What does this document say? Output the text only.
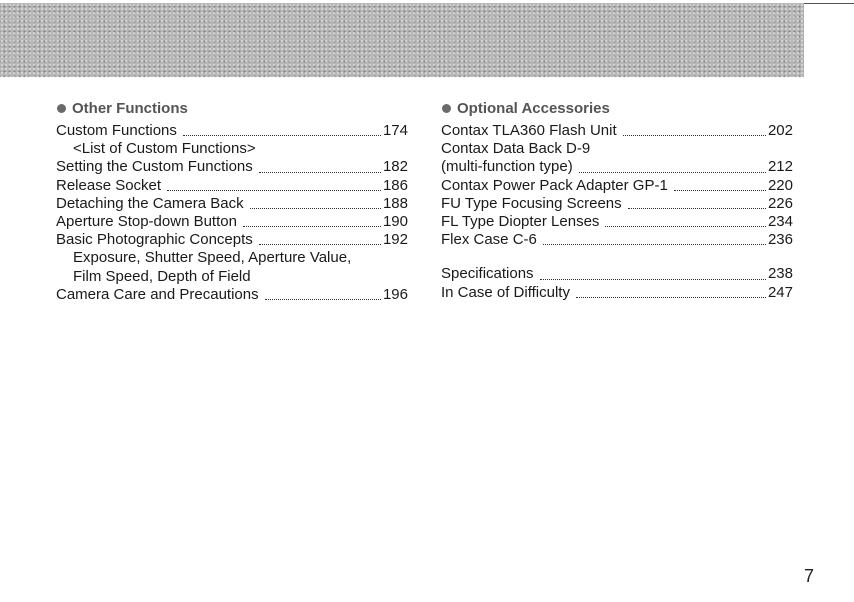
Other Functions
Custom Functions	174
<List of Custom Functions>
Setting the Custom Functions	182
Release Socket	186
Detaching the Camera Back	188
Aperture Stop-down Button	190
Basic Photographic Concepts	192
Exposure, Shutter Speed, Aperture Value,
Film Speed, Depth of Field
Camera Care and Precautions	196
Optional Accessories
Contax TLA360 Flash Unit	202
Contax Data Back D-9
(multi-function type)	212
Contax Power Pack Adapter GP-1	220
FU Type Focusing Screens	226
FL Type Diopter Lenses	234
Flex Case C-6	236
Specifications	238
In Case of Difficulty	247
7
